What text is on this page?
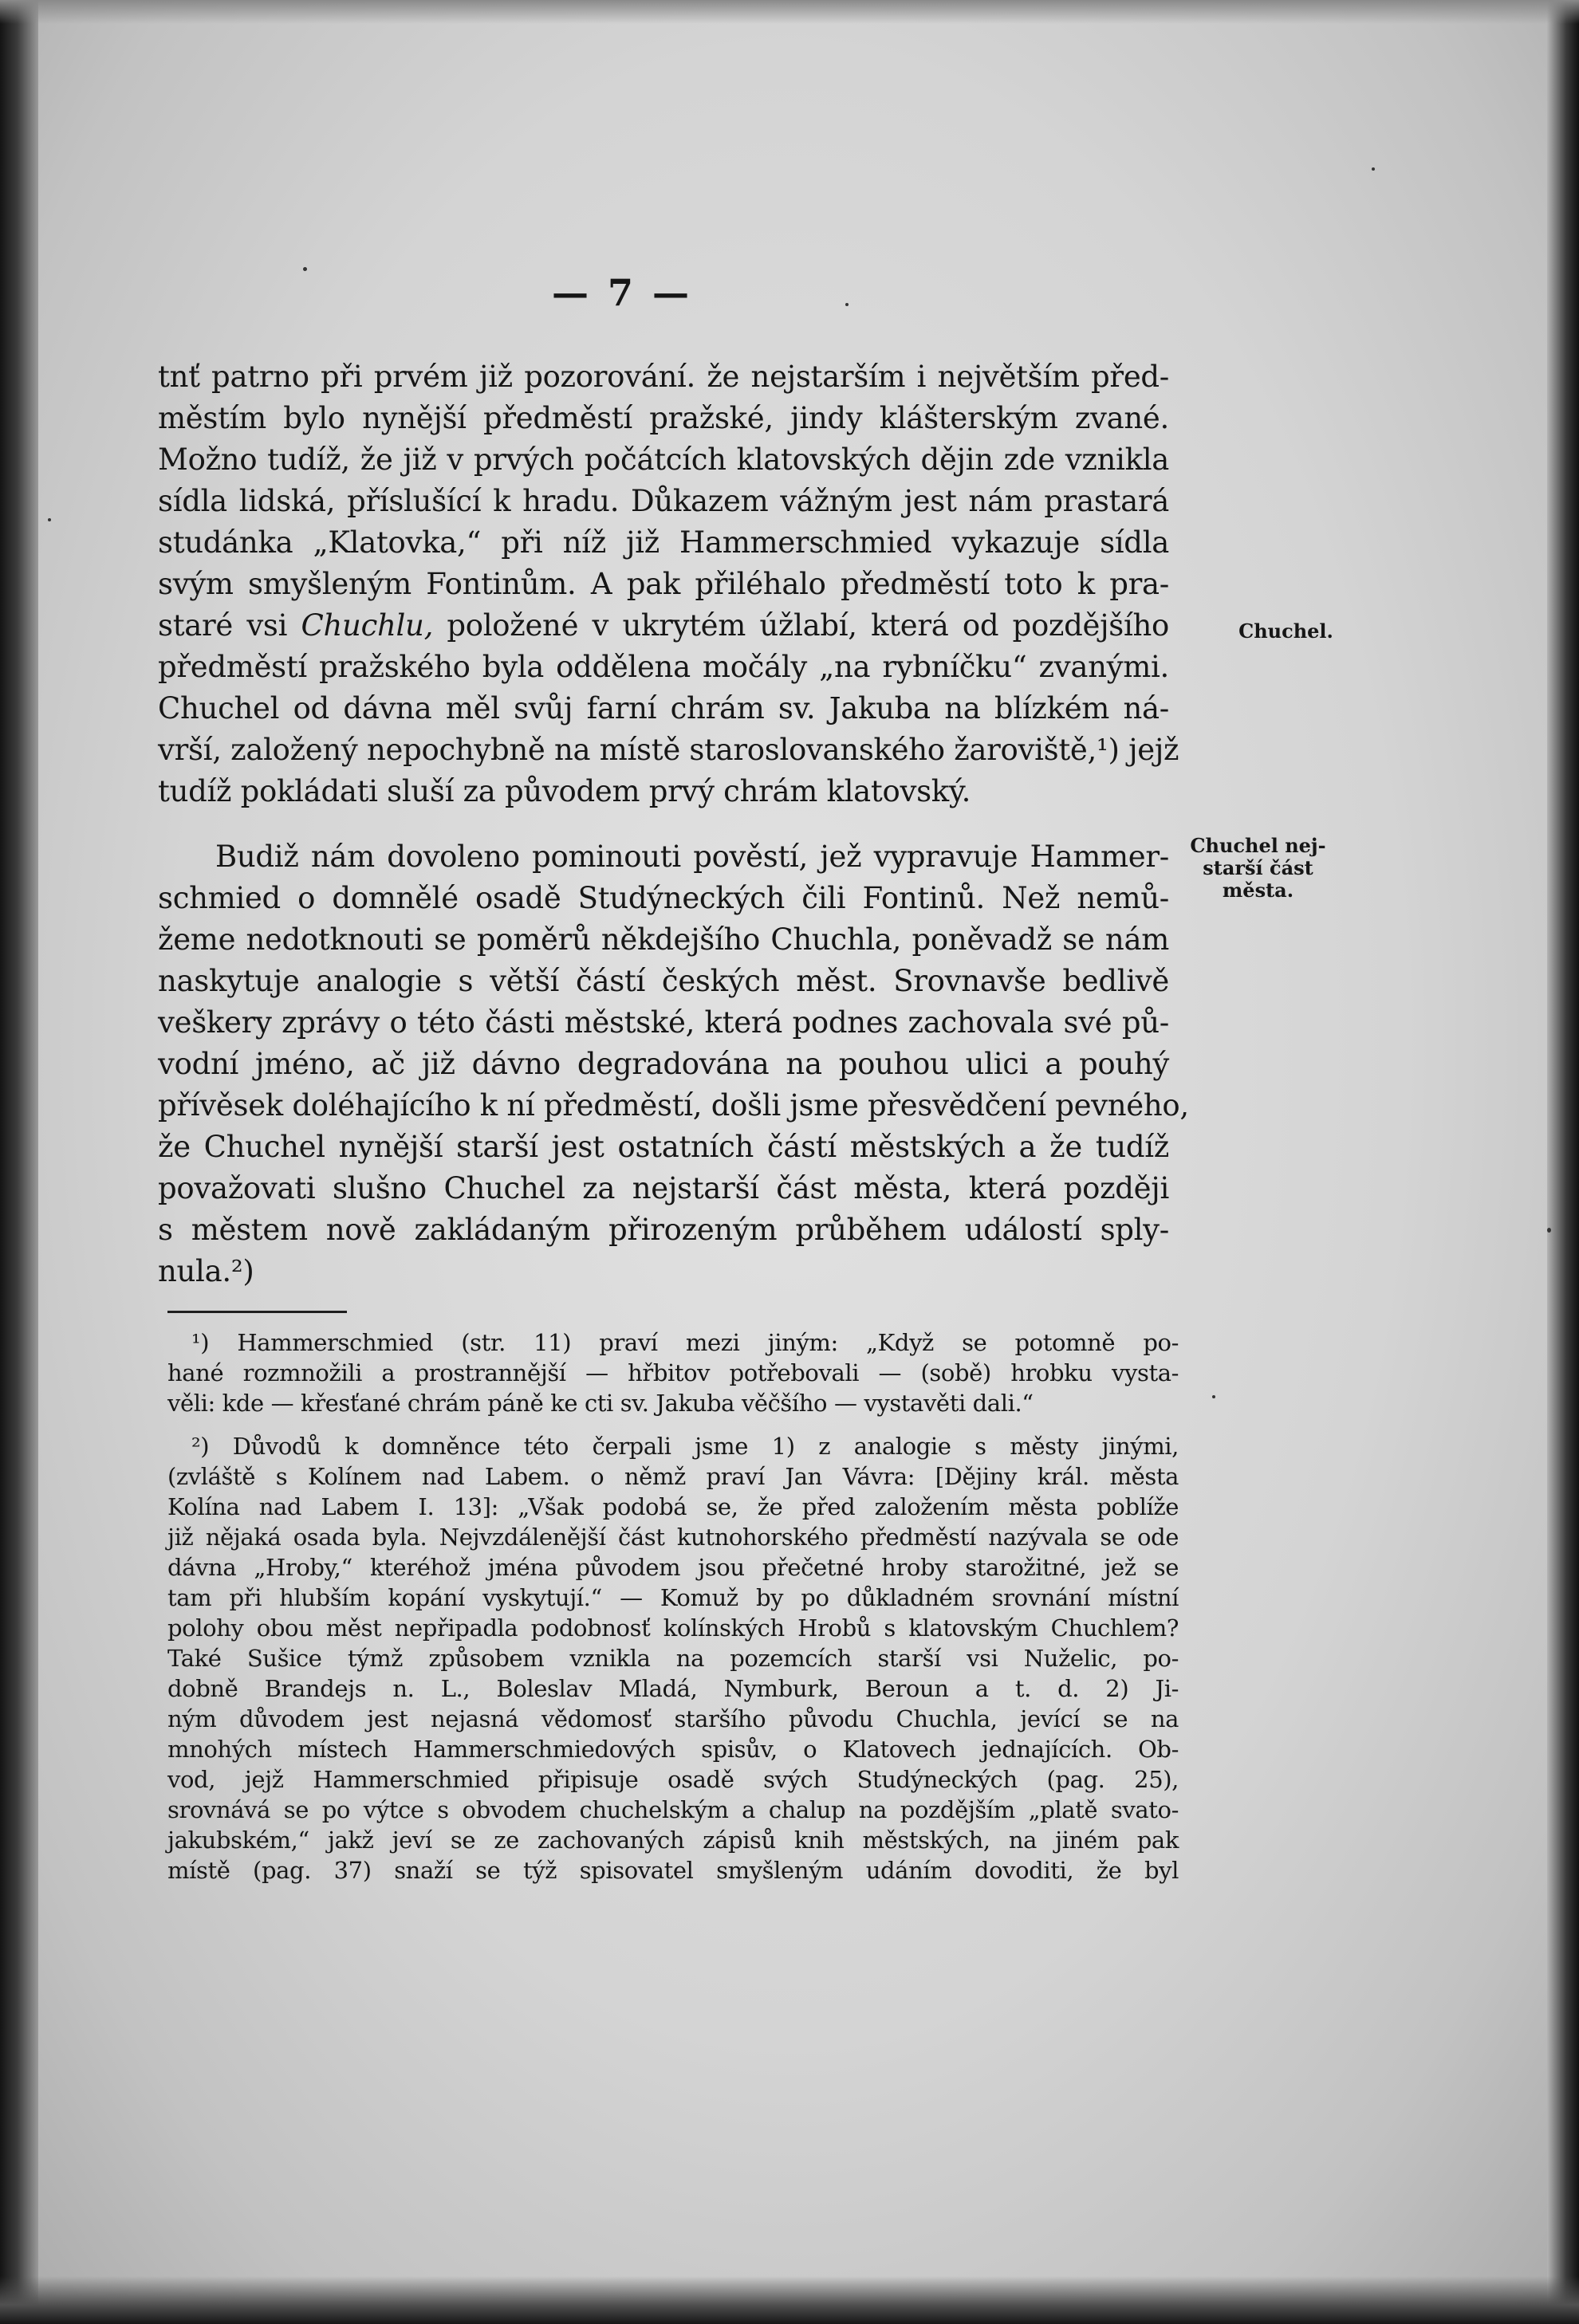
— 7 —
tnť patrno při prvém již pozorování. že nejstarším i největším před-
městím bylo nynější předměstí pražské, jindy klášterským zvané.
Možno tudíž, že již v prvých počátcích klatovských dějin zde vznikla
sídla lidská, příslušící k hradu. Důkazem vážným jest nám prastará
studánka „Klatovka,“ při níž již Hammerschmied vykazuje sídla
svým smyšleným Fontinům. A pak přiléhalo předměstí toto k pra-
staré vsi Chuchlu, položené v ukrytém úžlabí, která od pozdějšího
předměstí pražského byla oddělena močály „na rybníčku“ zvanými.
Chuchel od dávna měl svůj farní chrám sv. Jakuba na blízkém ná-
vrší, založený nepochybně na místě staroslovanského žaroviště,¹) jejž
tudíž pokládati sluší za původem prvý chrám klatovský.
Budiž nám dovoleno pominouti pověstí, jež vypravuje Hammer-
schmied o domnělé osadě Studýneckých čili Fontinů. Než nemů-
žeme nedotknouti se poměrů někdejšího Chuchla, poněvadž se nám
naskytuje analogie s větší částí českých měst. Srovnavše bedlivě
veškery zprávy o této části městské, která podnes zachovala své pů-
vodní jméno, ač již dávno degradována na pouhou ulici a pouhý
přívěsek doléhajícího k ní předměstí, došli jsme přesvědčení pevného,
že Chuchel nynější starší jest ostatních částí městských a že tudíž
považovati slušno Chuchel za nejstarší část města, která později
s městem nově zakládaným přirozeným průběhem událostí sply-
nula.²)
Chuchel.
Chuchel nej-
starší část
města.
¹) Hammerschmied (str. 11) praví mezi jiným: „Když se potomně po-
hané rozmnožili a prostrannější — hřbitov potřebovali — (sobě) hrobku vysta-
věli: kde — křesťané chrám páně ke cti sv. Jakuba věčšího — vystavěti dali.“
²) Důvodů k domněnce této čerpali jsme 1) z analogie s městy jinými,
(zvláště s Kolínem nad Labem. o němž praví Jan Vávra: [Dějiny král. města
Kolína nad Labem I. 13]: „Však podobá se, že před založením města poblíže
již nějaká osada byla. Nejvzdálenější část kutnohorského předměstí nazývala se ode
dávna „Hroby,“ kteréhož jména původem jsou přečetné hroby starožitné, jež se
tam při hlubším kopání vyskytují.“ — Komuž by po důkladném srovnání místní
polohy obou měst nepřipadla podobnosť kolínských Hrobů s klatovským Chuchlem?
Také Sušice týmž způsobem vznikla na pozemcích starší vsi Nuželic, po-
dobně Brandejs n. L., Boleslav Mladá, Nymburk, Beroun a t. d. 2) Ji-
ným důvodem jest nejasná vědomosť staršího původu Chuchla, jevící se na
mnohých místech Hammerschmiedových spisův, o Klatovech jednajících. Ob-
vod, jejž Hammerschmied připisuje osadě svých Studýneckých (pag. 25),
srovnává se po výtce s obvodem chuchelským a chalup na pozdějším „platě svato-
jakubském,“ jakž jeví se ze zachovaných zápisů knih městských, na jiném pak
místě (pag. 37) snaží se týž spisovatel smyšleným udáním dovoditi, že byl
